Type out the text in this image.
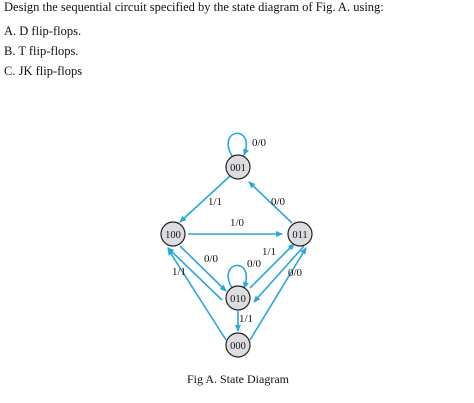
Design the sequential circuit specified by the state diagram of Fig. A. using:
A. D flip-flops.
B. T flip-flops.
C. JK flip-flops
0/0
1/1	0/0
1/0
0/0
1/1
0/0
1/1
0/0
1/1
001
100	011
010
000
Fig A. State Diagram
